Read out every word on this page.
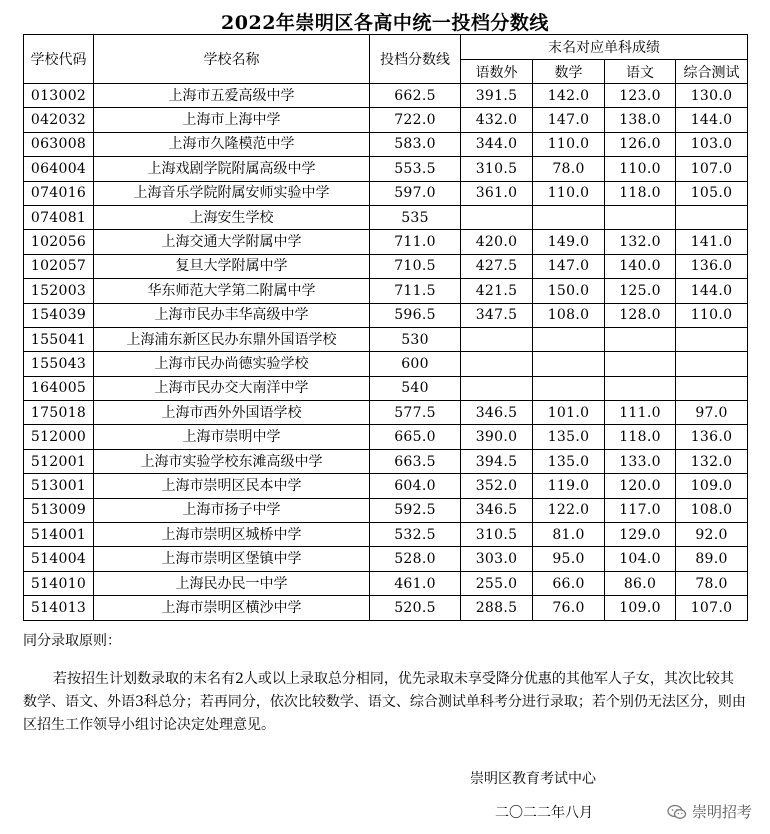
2022年崇明区各高中统一投档分数线
学校代码	学校名称	投档分数线	末名对应单科成绩			
			语数外	数学	语文	综合测试
013002	上海市五爱高级中学	662.5	391.5	142.0	123.0	130.0
042032	上海市上海中学	722.0	432.0	147.0	138.0	144.0
063008	上海市久隆模范中学	583.0	344.0	110.0	126.0	103.0
064004	上海戏剧学院附属高级中学	553.5	310.5	78.0	110.0	107.0
074016	上海音乐学院附属安师实验中学	597.0	361.0	110.0	118.0	105.0
074081	上海安生学校	535				
102056	上海交通大学附属中学	711.0	420.0	149.0	132.0	141.0
102057	复旦大学附属中学	710.5	427.5	147.0	140.0	136.0
152003	华东师范大学第二附属中学	711.5	421.5	150.0	125.0	144.0
154039	上海市民办丰华高级中学	596.5	347.5	108.0	128.0	110.0
155041	上海浦东新区民办东鼎外国语学校	530				
155043	上海市民办尚德实验学校	600				
164005	上海市民办交大南洋中学	540				
175018	上海市西外外国语学校	577.5	346.5	101.0	111.0	97.0
512000	上海市崇明中学	665.0	390.0	135.0	118.0	136.0
512001	上海市实验学校东滩高级中学	663.5	394.5	135.0	133.0	132.0
513001	上海市崇明区民本中学	604.0	352.0	119.0	120.0	109.0
513009	上海市扬子中学	592.5	346.5	122.0	117.0	108.0
514001	上海市崇明区城桥中学	532.5	310.5	81.0	129.0	92.0
514004	上海市崇明区堡镇中学	528.0	303.0	95.0	104.0	89.0
514010	上海民办民一中学	461.0	255.0	66.0	86.0	78.0
514013	上海市崇明区横沙中学	520.5	288.5	76.0	109.0	107.0
同分录取原则：
若按招生计划数录取的末名有2人或以上录取总分相同，优先录取未享受降分优惠的其他军人子女，其次比较其数学、语文、外语3科总分；若再同分，依次比较数学、语文、综合测试单科考分进行录取；若个别仍无法区分，则由区招生工作领导小组讨论决定处理意见。
崇明区教育考试中心
二〇二二年八月	崇明招考
